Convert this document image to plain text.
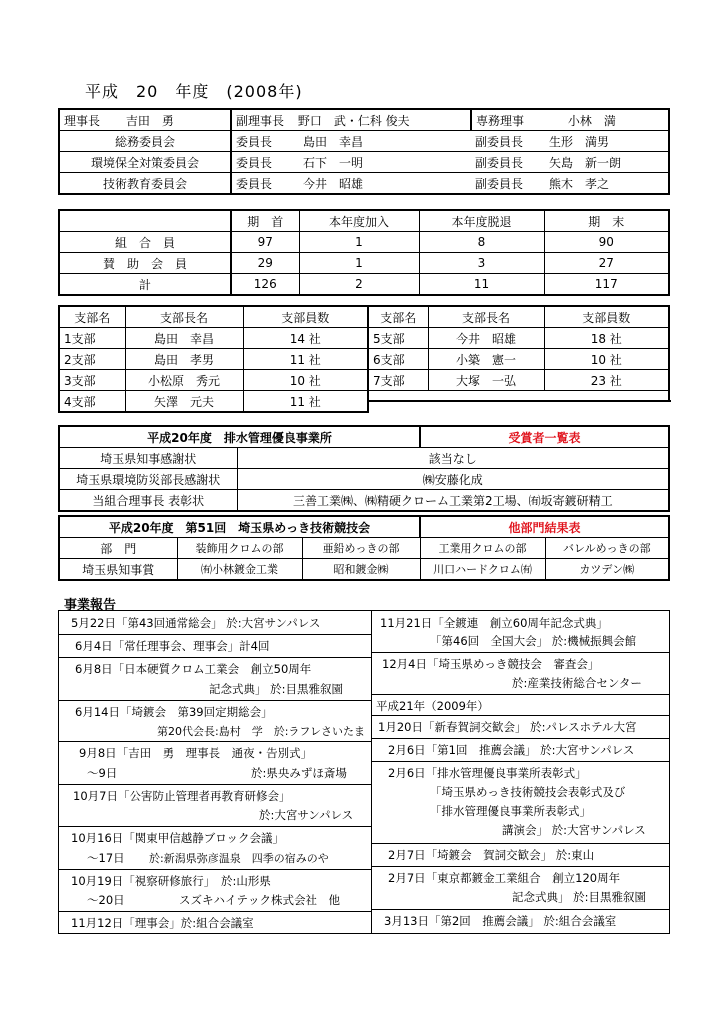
平成　20　年度　(2008年)
理事長 吉田　勇	副理事長 野口　武・仁科 俊夫		専務理事 小林　満
総務委員会	委員長	島田　幸昌	副委員長 生形　満男
環境保全対策委員会	委員長	石下　一明	副委員長 矢島　新一朗
技術教育委員会	委員長	今井　昭雄	副委員長 熊木　孝之
	期　首	本年度加入	本年度脱退	期　末
組　合　員	97	1	8	90
賛　助　会　員	29	1	3	27
計	126	2	11	117
支部名	支部長名	支部員数	支部名	支部長名	支部員数
1支部	島田　幸昌	14 社	5支部	今井　昭雄	18 社
2支部	島田　孝男	11 社	6支部	小築　憲一	10 社
3支部	小松原　秀元	10 社	7支部	大塚　一弘	23 社
4支部	矢澤　元夫	11 社			
平成20年度　排水管理優良事業所		受賞者一覧表
埼玉県知事感謝状	該当なし	
埼玉県環境防災部長感謝状	㈱安藤化成	
当組合理事長 表彰状	三善工業㈱、㈱精硬クローム工業第2工場、㈲坂寄鍍研精工	
平成20年度　第51回　埼玉県めっき技術競技会			他部門結果表	
部　門	装飾用クロムの部	亜鉛めっきの部	工業用クロムの部	バレルめっきの部
埼玉県知事賞	㈲小林鍍金工業	昭和鍍金㈱	川口ハードクロム㈲	カツデン㈱
事業報告
5月22日「第43回通常総会」 於:大宮サンパレス
6月4日「常任理事会、理事会」計4回
6月8日「日本硬質クロム工業会　創立50周年
記念式典」 於:目黒雅叙園
6月14日「埼鍍会　第39回定期総会」
第20代会長:島村　学　於:ラフレさいたま
9月8日「吉田　勇　理事長　通夜・告別式」
～9日	於:県央みずほ斎場
10月7日「公害防止管理者再教育研修会」
於:大宮サンパレス
10月16日「関東甲信越静ブロック会議」
～17日 於:新潟県弥彦温泉　四季の宿みのや
10月19日「視察研修旅行」　於:山形県
～20日	スズキハイテック株式会社　他
11月12日「理事会」於:組合会議室
11月21日「全鍍連　創立60周年記念式典」
「第46回　全国大会」 於:機械振興会館
12月4日「埼玉県めっき競技会　審査会」
於:産業技術総合センター
平成21年（2009年）
1月20日「新春賀詞交歓会」 於:パレスホテル大宮
2月6日「第1回　推薦会議」 於:大宮サンパレス
2月6日「排水管理優良事業所表彰式」
「埼玉県めっき技術競技会表彰式及び
「排水管理優良事業所表彰式」
講演会」 於:大宮サンパレス
2月7日「埼鍍会　賀詞交歓会」 於:東山
2月7日「東京都鍍金工業組合　創立120周年
記念式典」 於:目黒雅叙園
3月13日「第2回　推薦会議」 於:組合会議室
